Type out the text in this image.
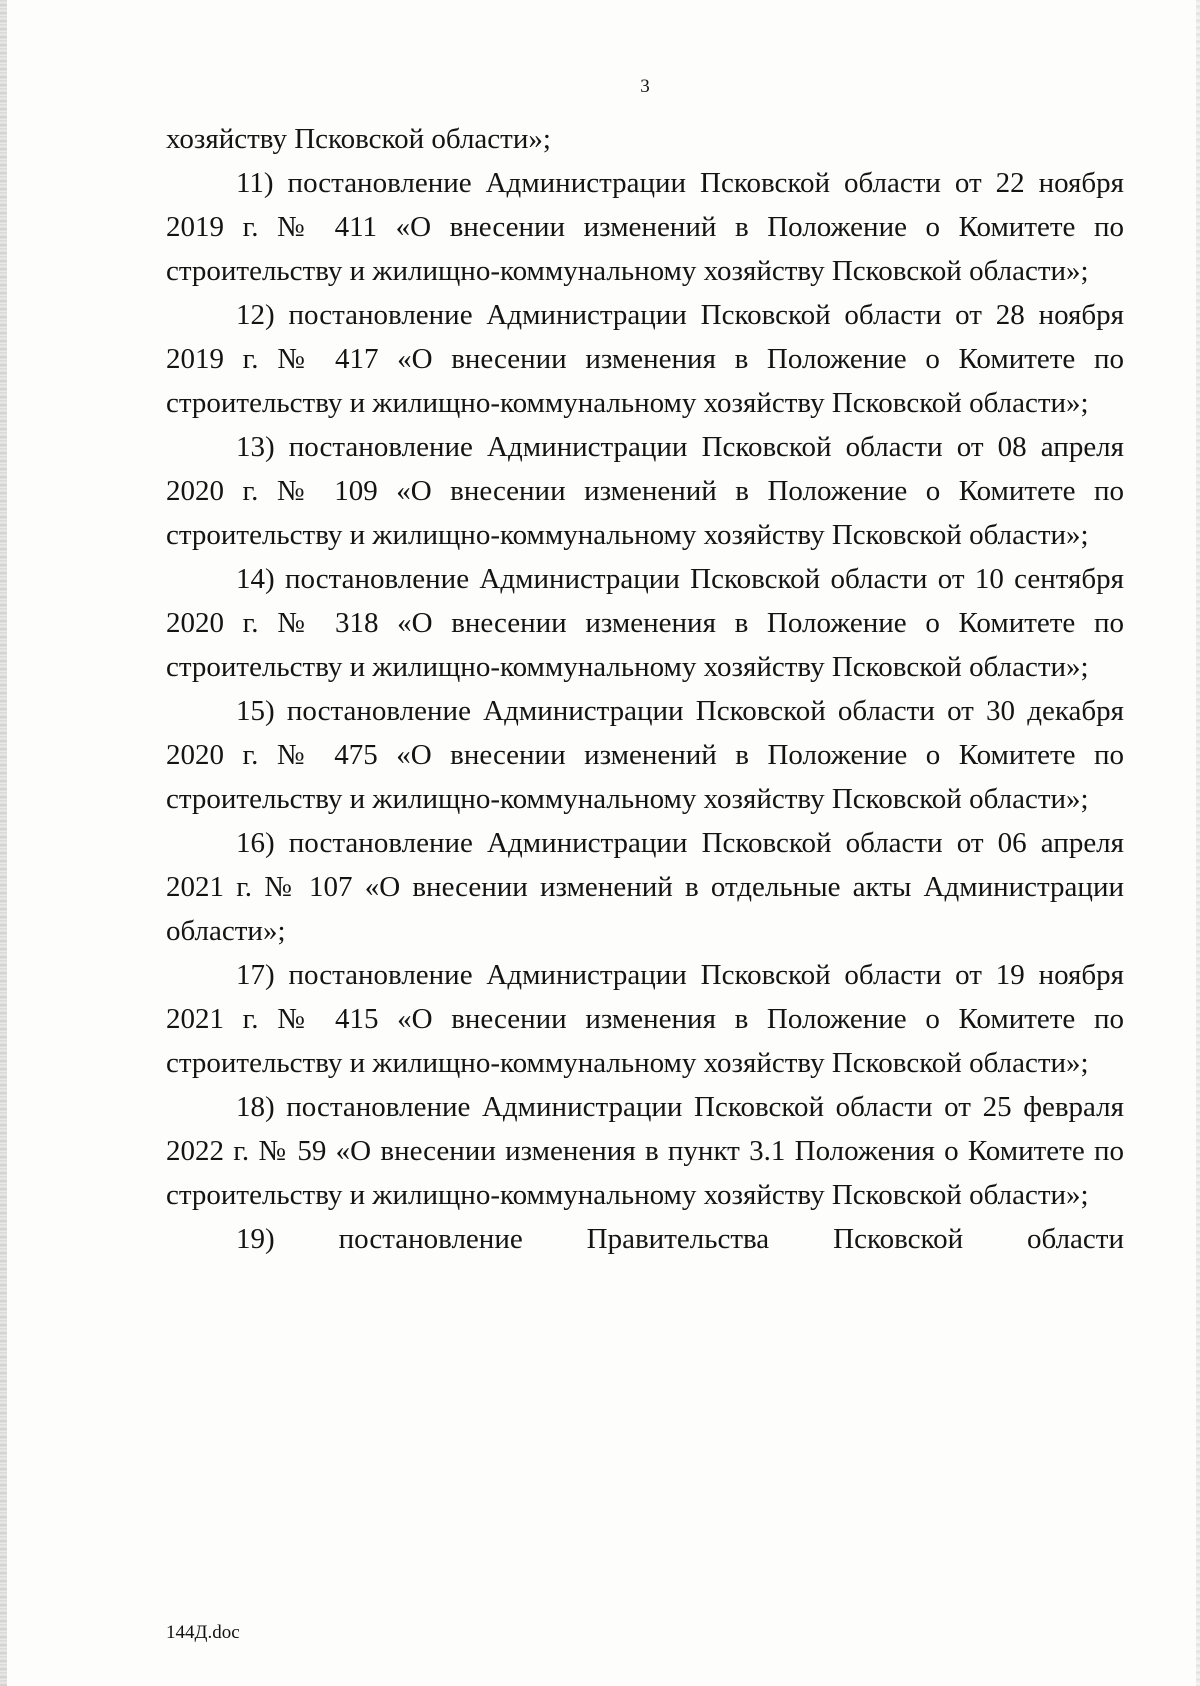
3

хозяйству Псковской области»;

11) постановление Администрации Псковской области от 22 ноября 2019 г. № 411 «О внесении изменений в Положение о Комитете по строительству и жилищно-коммунальному хозяйству Псковской области»;

12) постановление Администрации Псковской области от 28 ноября 2019 г. № 417 «О внесении изменения в Положение о Комитете по строительству и жилищно-коммунальному хозяйству Псковской области»;

13) постановление Администрации Псковской области от 08 апреля 2020 г. № 109 «О внесении изменений в Положение о Комитете по строительству и жилищно-коммунальному хозяйству Псковской области»;

14) постановление Администрации Псковской области от 10 сентября 2020 г. № 318 «О внесении изменения в Положение о Комитете по строительству и жилищно-коммунальному хозяйству Псковской области»;

15) постановление Администрации Псковской области от 30 декабря 2020 г. № 475 «О внесении изменений в Положение о Комитете по строительству и жилищно-коммунальному хозяйству Псковской области»;

16) постановление Администрации Псковской области от 06 апреля 2021 г. № 107 «О внесении изменений в отдельные акты Администрации области»;

17) постановление Администрации Псковской области от 19 ноября 2021 г. № 415 «О внесении изменения в Положение о Комитете по строительству и жилищно-коммунальному хозяйству Псковской области»;

18) постановление Администрации Псковской области от 25 февраля 2022 г. № 59 «О внесении изменения в пункт 3.1 Положения о Комитете по строительству и жилищно-коммунальному хозяйству Псковской области»;

19) постановление Правительства Псковской области

144Д.doc
